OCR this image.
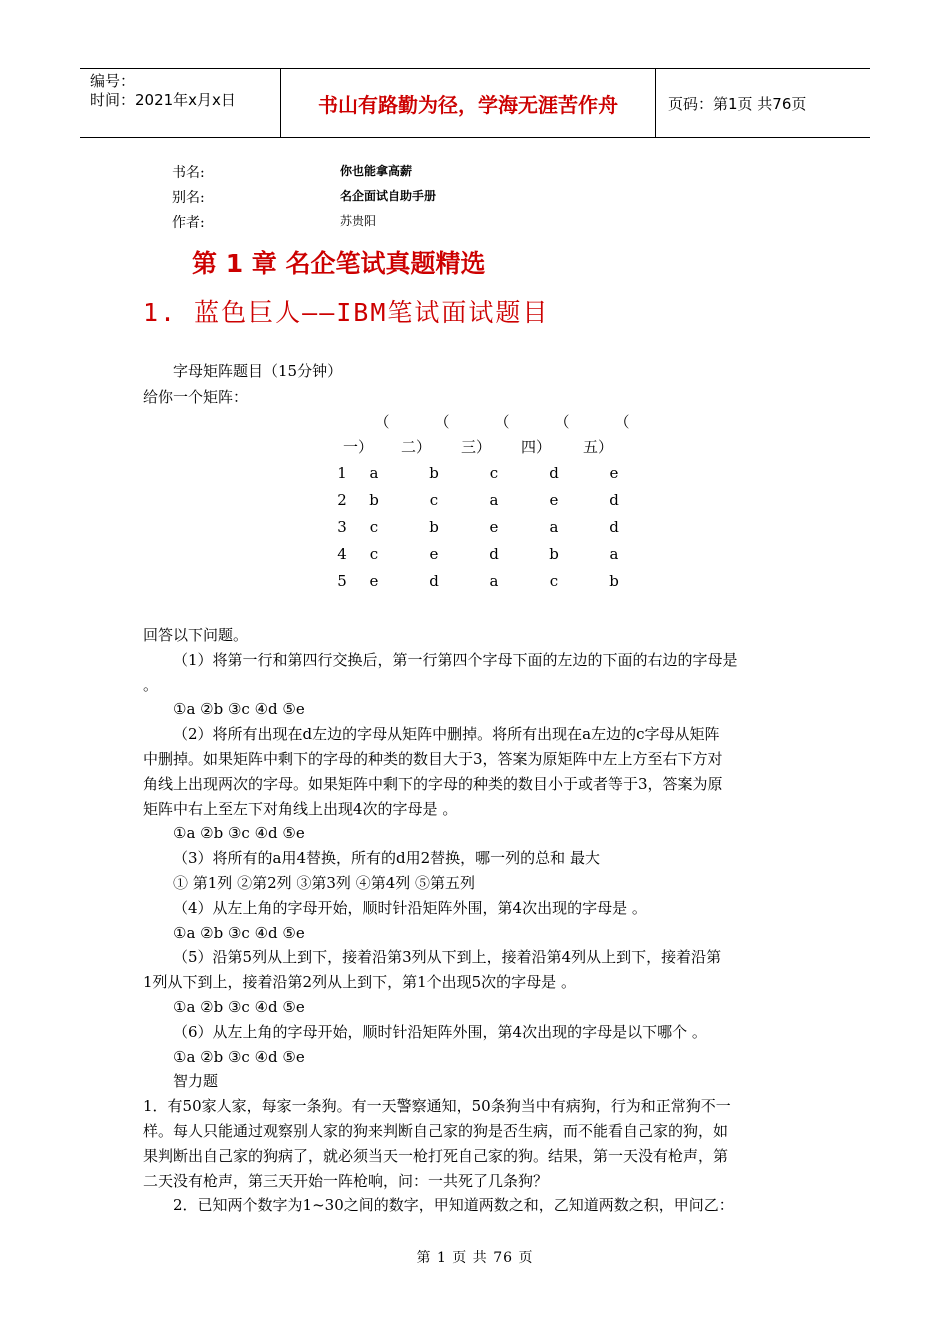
编号：
时间：2021年x月x日	书山有路勤为径，学海无涯苦作舟	页码：第1页 共76页
书名:	你也能拿高薪
别名:	名企面试自助手册
作者:	苏贵阳
第 1 章 名企笔试真题精选
1. 蓝色巨人——IBM笔试面试题目
字母矩阵题目（15分钟）
给你一个矩阵：
（	（	（	（	（
一）	二）	三）	四）	五）
1	a	b	c	d	e
2	b	c	a	e	d
3	c	b	e	a	d
4	c	e	d	b	a
5	e	d	a	c	b

回答以下问题。

（1）将第一行和第四行交换后，第一行第四个字母下面的左边的下面的右边的字母是

。

①a ②b ③c ④d ⑤e

（2）将所有出现在d左边的字母从矩阵中删掉。将所有出现在a左边的c字母从矩阵

中删掉。如果矩阵中剩下的字母的种类的数目大于3，答案为原矩阵中左上方至右下方对

角线上出现两次的字母。如果矩阵中剩下的字母的种类的数目小于或者等于3，答案为原

矩阵中右上至左下对角线上出现4次的字母是 。

①a ②b ③c ④d ⑤e

（3）将所有的a用4替换，所有的d用2替换，哪一列的总和 最大

① 第1列 ②第2列 ③第3列 ④第4列 ⑤第五列

（4）从左上角的字母开始，顺时针沿矩阵外围，第4次出现的字母是 。

①a ②b ③c ④d ⑤e

（5）沿第5列从上到下，接着沿第3列从下到上，接着沿第4列从上到下，接着沿第

1列从下到上，接着沿第2列从上到下，第1个出现5次的字母是 。

①a ②b ③c ④d ⑤e

（6）从左上角的字母开始，顺时针沿矩阵外围，第4次出现的字母是以下哪个 。

①a ②b ③c ④d ⑤e

智力题

1．有50家人家，每家一条狗。有一天警察通知，50条狗当中有病狗，行为和正常狗不一

样。每人只能通过观察别人家的狗来判断自己家的狗是否生病，而不能看自己家的狗，如

果判断出自己家的狗病了，就必须当天一枪打死自己家的狗。结果，第一天没有枪声，第

二天没有枪声，第三天开始一阵枪响，问：一共死了几条狗？

2．已知两个数字为1~30之间的数字，甲知道两数之和，乙知道两数之积，甲问乙：

第 1 页 共 76 页
